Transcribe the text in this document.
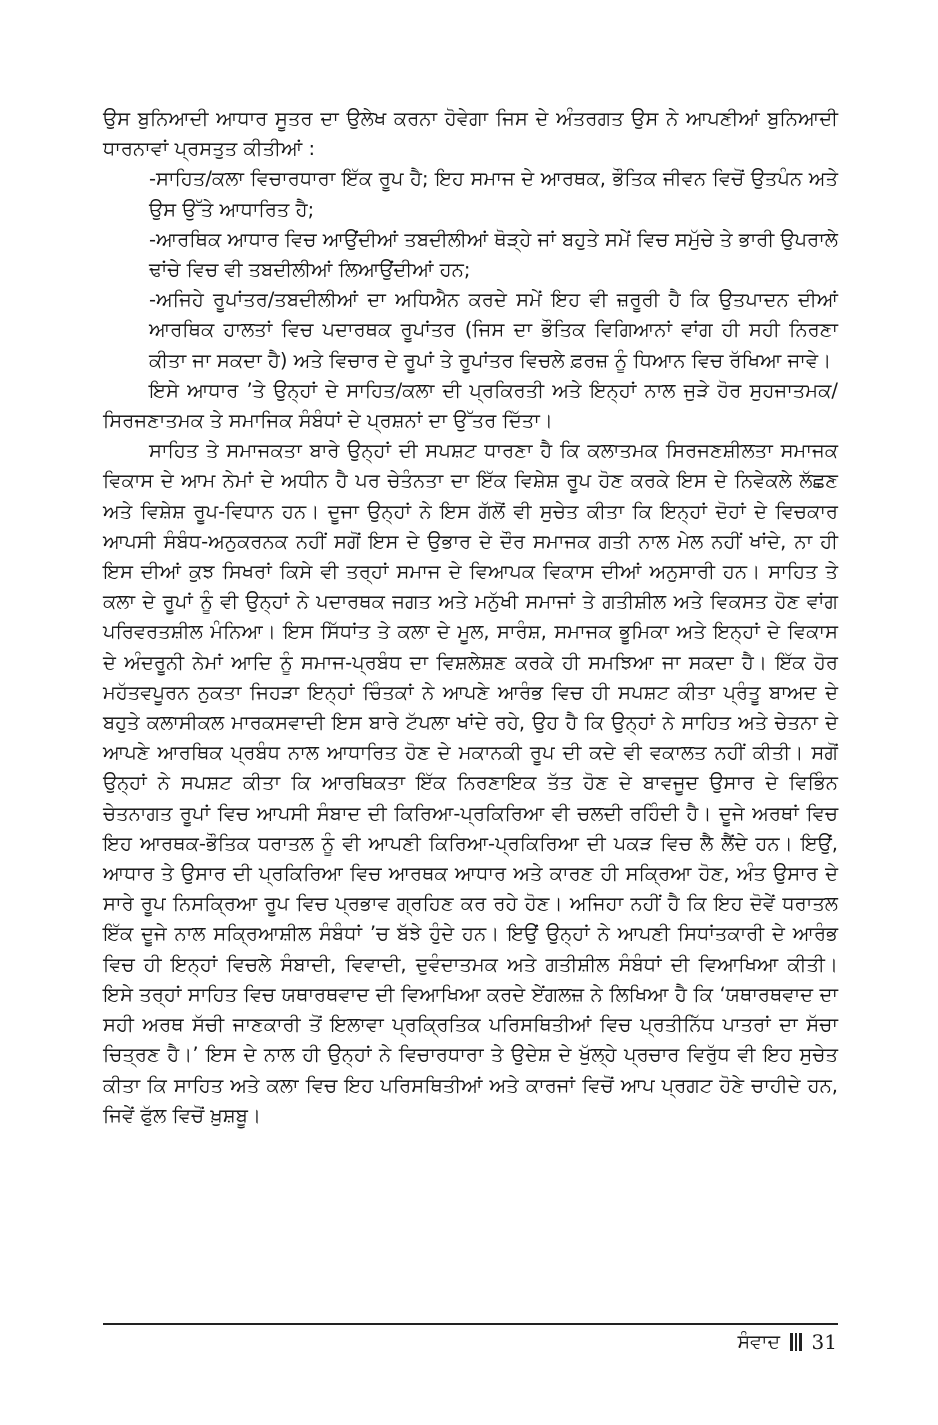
ਉਸ ਬੁਨਿਆਦੀ ਆਧਾਰ ਸੂਤਰ ਦਾ ਉਲੇਖ ਕਰਨਾ ਹੋਵੇਗਾ ਜਿਸ ਦੇ ਅੰਤਰਗਤ ਉਸ ਨੇ ਆਪਣੀਆਂ ਬੁਨਿਆਦੀ ਧਾਰਨਾਵਾਂ ਪ੍ਰਸਤੁਤ ਕੀਤੀਆਂ :

-ਸਾਹਿਤ/ਕਲਾ ਵਿਚਾਰਧਾਰਾ ਇੱਕ ਰੂਪ ਹੈ; ਇਹ ਸਮਾਜ ਦੇ ਆਰਥਕ, ਭੌਤਿਕ ਜੀਵਨ ਵਿਚੋਂ ਉਤਪੰਨ ਅਤੇ ਉਸ ਉੱਤੇ ਆਧਾਰਿਤ ਹੈ;

-ਆਰਥਿਕ ਆਧਾਰ ਵਿਚ ਆਉਂਦੀਆਂ ਤਬਦੀਲੀਆਂ ਥੋੜ੍ਹੇ ਜਾਂ ਬਹੁਤੇ ਸਮੇਂ ਵਿਚ ਸਮੁੱਚੇ ਤੇ ਭਾਰੀ ਉਪਰਾਲੇ ਢਾਂਚੇ ਵਿਚ ਵੀ ਤਬਦੀਲੀਆਂ ਲਿਆਉਂਦੀਆਂ ਹਨ;

-ਅਜਿਹੇ ਰੂਪਾਂਤਰ/ਤਬਦੀਲੀਆਂ ਦਾ ਅਧਿਐਨ ਕਰਦੇ ਸਮੇਂ ਇਹ ਵੀ ਜ਼ਰੂਰੀ ਹੈ ਕਿ ਉਤਪਾਦਨ ਦੀਆਂ ਆਰਥਿਕ ਹਾਲਤਾਂ ਵਿਚ ਪਦਾਰਥਕ ਰੂਪਾਂਤਰ (ਜਿਸ ਦਾ ਭੌਤਿਕ ਵਿਗਿਆਨਾਂ ਵਾਂਗ ਹੀ ਸਹੀ ਨਿਰਣਾ ਕੀਤਾ ਜਾ ਸਕਦਾ ਹੈ) ਅਤੇ ਵਿਚਾਰ ਦੇ ਰੂਪਾਂ ਤੇ ਰੂਪਾਂਤਰ ਵਿਚਲੇ ਫ਼ਰਜ਼ ਨੂੰ ਧਿਆਨ ਵਿਚ ਰੱਖਿਆ ਜਾਵੇ।

ਇਸੇ ਆਧਾਰ ’ਤੇ ਉਨ੍ਹਾਂ ਦੇ ਸਾਹਿਤ/ਕਲਾ ਦੀ ਪ੍ਰਕਿਰਤੀ ਅਤੇ ਇਨ੍ਹਾਂ ਨਾਲ ਜੁੜੇ ਹੋਰ ਸੁਹਜਾਤਮਕ/ਸਿਰਜਣਾਤਮਕ ਤੇ ਸਮਾਜਿਕ ਸੰਬੰਧਾਂ ਦੇ ਪ੍ਰਸ਼ਨਾਂ ਦਾ ਉੱਤਰ ਦਿੱਤਾ।

ਸਾਹਿਤ ਤੇ ਸਮਾਜਕਤਾ ਬਾਰੇ ਉਨ੍ਹਾਂ ਦੀ ਸਪਸ਼ਟ ਧਾਰਣਾ ਹੈ ਕਿ ਕਲਾਤਮਕ ਸਿਰਜਣਸ਼ੀਲਤਾ ਸਮਾਜਕ ਵਿਕਾਸ ਦੇ ਆਮ ਨੇਮਾਂ ਦੇ ਅਧੀਨ ਹੈ ਪਰ ਚੇਤੰਨਤਾ ਦਾ ਇੱਕ ਵਿਸ਼ੇਸ਼ ਰੂਪ ਹੋਣ ਕਰਕੇ ਇਸ ਦੇ ਨਿਵੇਕਲੇ ਲੱਛਣ ਅਤੇ ਵਿਸ਼ੇਸ਼ ਰੂਪ-ਵਿਧਾਨ ਹਨ। ਦੂਜਾ ਉਨ੍ਹਾਂ ਨੇ ਇਸ ਗੱਲੋਂ ਵੀ ਸੁਚੇਤ ਕੀਤਾ ਕਿ ਇਨ੍ਹਾਂ ਦੋਹਾਂ ਦੇ ਵਿਚਕਾਰ ਆਪਸੀ ਸੰਬੰਧ-ਅਨੁਕਰਨਕ ਨਹੀਂ ਸਗੋਂ ਇਸ ਦੇ ਉਭਾਰ ਦੇ ਦੌਰ ਸਮਾਜਕ ਗਤੀ ਨਾਲ ਮੇਲ ਨਹੀਂ ਖਾਂਦੇ, ਨਾ ਹੀ ਇਸ ਦੀਆਂ ਕੁਝ ਸਿਖਰਾਂ ਕਿਸੇ ਵੀ ਤਰ੍ਹਾਂ ਸਮਾਜ ਦੇ ਵਿਆਪਕ ਵਿਕਾਸ ਦੀਆਂ ਅਨੁਸਾਰੀ ਹਨ। ਸਾਹਿਤ ਤੇ ਕਲਾ ਦੇ ਰੂਪਾਂ ਨੂੰ ਵੀ ਉਨ੍ਹਾਂ ਨੇ ਪਦਾਰਥਕ ਜਗਤ ਅਤੇ ਮਨੁੱਖੀ ਸਮਾਜਾਂ ਤੇ ਗਤੀਸ਼ੀਲ ਅਤੇ ਵਿਕਸਤ ਹੋਣ ਵਾਂਗ ਪਰਿਵਰਤਸ਼ੀਲ ਮੰਨਿਆ। ਇਸ ਸਿੱਧਾਂਤ ਤੇ ਕਲਾ ਦੇ ਮੂਲ, ਸਾਰੰਸ਼, ਸਮਾਜਕ ਭੂਮਿਕਾ ਅਤੇ ਇਨ੍ਹਾਂ ਦੇ ਵਿਕਾਸ ਦੇ ਅੰਦਰੂਨੀ ਨੇਮਾਂ ਆਦਿ ਨੂੰ ਸਮਾਜ-ਪ੍ਰਬੰਧ ਦਾ ਵਿਸ਼ਲੇਸ਼ਣ ਕਰਕੇ ਹੀ ਸਮਝਿਆ ਜਾ ਸਕਦਾ ਹੈ। ਇੱਕ ਹੋਰ ਮਹੱਤਵਪੂਰਨ ਨੁਕਤਾ ਜਿਹੜਾ ਇਨ੍ਹਾਂ ਚਿੰਤਕਾਂ ਨੇ ਆਪਣੇ ਆਰੰਭ ਵਿਚ ਹੀ ਸਪਸ਼ਟ ਕੀਤਾ ਪ੍ਰੰਤੂ ਬਾਅਦ ਦੇ ਬਹੁਤੇ ਕਲਾਸੀਕਲ ਮਾਰਕਸਵਾਦੀ ਇਸ ਬਾਰੇ ਟੱਪਲਾ ਖਾਂਦੇ ਰਹੇ, ਉਹ ਹੈ ਕਿ ਉਨ੍ਹਾਂ ਨੇ ਸਾਹਿਤ ਅਤੇ ਚੇਤਨਾ ਦੇ ਆਪਣੇ ਆਰਥਿਕ ਪ੍ਰਬੰਧ ਨਾਲ ਆਧਾਰਿਤ ਹੋਣ ਦੇ ਮਕਾਨਕੀ ਰੂਪ ਦੀ ਕਦੇ ਵੀ ਵਕਾਲਤ ਨਹੀਂ ਕੀਤੀ। ਸਗੋਂ ਉਨ੍ਹਾਂ ਨੇ ਸਪਸ਼ਟ ਕੀਤਾ ਕਿ ਆਰਥਿਕਤਾ ਇੱਕ ਨਿਰਣਾਇਕ ਤੱਤ ਹੋਣ ਦੇ ਬਾਵਜੂਦ ਉਸਾਰ ਦੇ ਵਿਭਿੰਨ ਚੇਤਨਾਗਤ ਰੂਪਾਂ ਵਿਚ ਆਪਸੀ ਸੰਬਾਦ ਦੀ ਕਿਰਿਆ-ਪ੍ਰਕਿਰਿਆ ਵੀ ਚਲਦੀ ਰਹਿੰਦੀ ਹੈ। ਦੂਜੇ ਅਰਥਾਂ ਵਿਚ ਇਹ ਆਰਥਕ-ਭੌਤਿਕ ਧਰਾਤਲ ਨੂੰ ਵੀ ਆਪਣੀ ਕਿਰਿਆ-ਪ੍ਰਕਿਰਿਆ ਦੀ ਪਕੜ ਵਿਚ ਲੈ ਲੈਂਦੇ ਹਨ। ਇਉਂ, ਆਧਾਰ ਤੇ ਉਸਾਰ ਦੀ ਪ੍ਰਕਿਰਿਆ ਵਿਚ ਆਰਥਕ ਆਧਾਰ ਅਤੇ ਕਾਰਣ ਹੀ ਸਕ੍ਰਿਆ ਹੋਣ, ਅੰਤ ਉਸਾਰ ਦੇ ਸਾਰੇ ਰੂਪ ਨਿਸਕ੍ਰਿਆ ਰੂਪ ਵਿਚ ਪ੍ਰਭਾਵ ਗ੍ਰਹਿਣ ਕਰ ਰਹੇ ਹੋਣ। ਅਜਿਹਾ ਨਹੀਂ ਹੈ ਕਿ ਇਹ ਦੋਵੇਂ ਧਰਾਤਲ ਇੱਕ ਦੂਜੇ ਨਾਲ ਸਕ੍ਰਿਆਸ਼ੀਲ ਸੰਬੰਧਾਂ ’ਚ ਬੱਝੇ ਹੁੰਦੇ ਹਨ। ਇਉਂ ਉਨ੍ਹਾਂ ਨੇ ਆਪਣੀ ਸਿਧਾਂਤਕਾਰੀ ਦੇ ਆਰੰਭ ਵਿਚ ਹੀ ਇਨ੍ਹਾਂ ਵਿਚਲੇ ਸੰਬਾਦੀ, ਵਿਵਾਦੀ, ਦੁਵੰਦਾਤਮਕ ਅਤੇ ਗਤੀਸ਼ੀਲ ਸੰਬੰਧਾਂ ਦੀ ਵਿਆਖਿਆ ਕੀਤੀ। ਇਸੇ ਤਰ੍ਹਾਂ ਸਾਹਿਤ ਵਿਚ ਯਥਾਰਥਵਾਦ ਦੀ ਵਿਆਖਿਆ ਕਰਦੇ ਏਂਗਲਜ਼ ਨੇ ਲਿਖਿਆ ਹੈ ਕਿ ‘ਯਥਾਰਥਵਾਦ ਦਾ ਸਹੀ ਅਰਥ ਸੱਚੀ ਜਾਣਕਾਰੀ ਤੋਂ ਇਲਾਵਾ ਪ੍ਰਕ੍ਰਿਤਿਕ ਪਰਿਸਥਿਤੀਆਂ ਵਿਚ ਪ੍ਰਤੀਨਿੱਧ ਪਾਤਰਾਂ ਦਾ ਸੱਚਾ ਚਿਤ੍ਰਣ ਹੈ।’ ਇਸ ਦੇ ਨਾਲ ਹੀ ਉਨ੍ਹਾਂ ਨੇ ਵਿਚਾਰਧਾਰਾ ਤੇ ਉਦੇਸ਼ ਦੇ ਖੁੱਲ੍ਹੇ ਪ੍ਰਚਾਰ ਵਿਰੁੱਧ ਵੀ ਇਹ ਸੁਚੇਤ ਕੀਤਾ ਕਿ ਸਾਹਿਤ ਅਤੇ ਕਲਾ ਵਿਚ ਇਹ ਪਰਿਸਥਿਤੀਆਂ ਅਤੇ ਕਾਰਜਾਂ ਵਿਚੋਂ ਆਪ ਪ੍ਰਗਟ ਹੋਣੇ ਚਾਹੀਦੇ ਹਨ, ਜਿਵੇਂ ਫੁੱਲ ਵਿਚੋਂ ਖ਼ੁਸ਼ਬੂ।

ਸੰਵਾਦ 31
